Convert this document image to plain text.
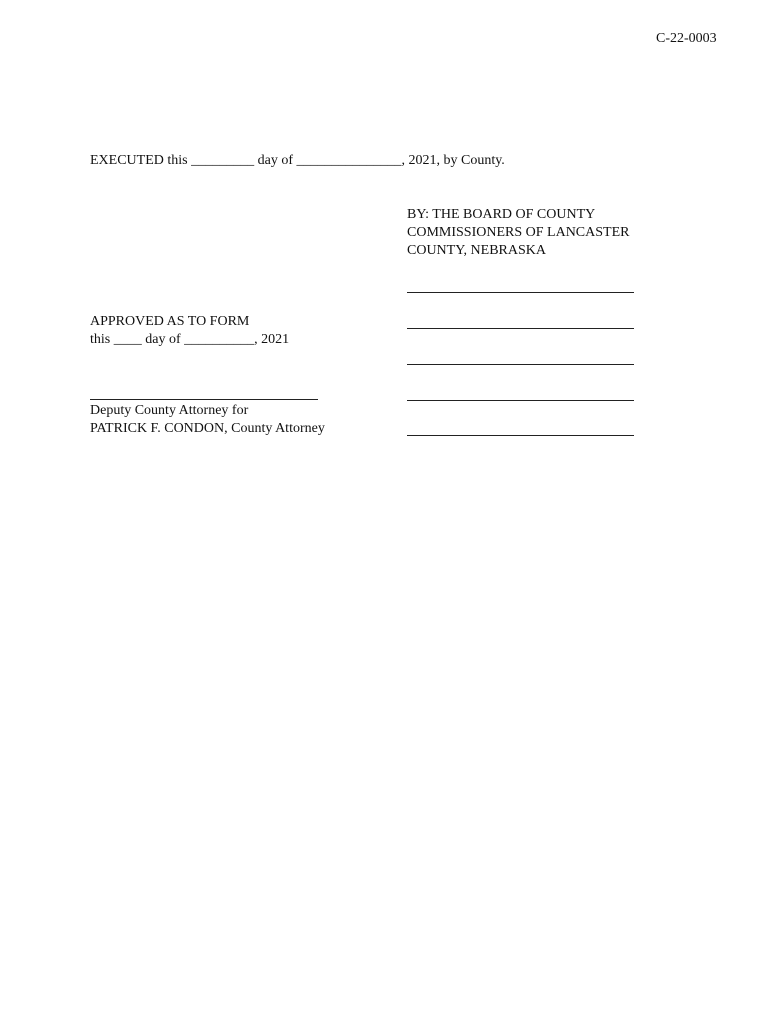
C-22-0003
EXECUTED this _________ day of _______________, 2021, by County.
BY: THE BOARD OF COUNTY
COMMISSIONERS OF LANCASTER
COUNTY, NEBRASKA
APPROVED AS TO FORM
this ____ day of __________, 2021
Deputy County Attorney for
PATRICK F. CONDON, County Attorney
